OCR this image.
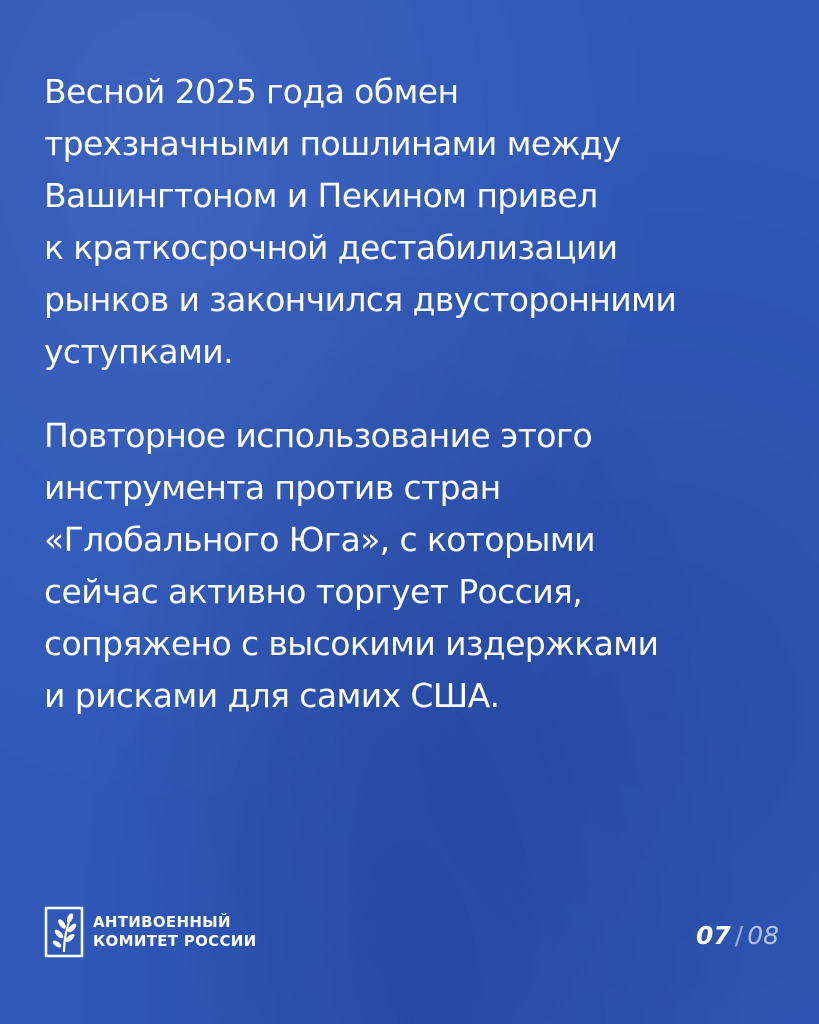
Весной 2025 года обмен
трехзначными пошлинами между
Вашингтоном и Пекином привел
к краткосрочной дестабилизации
рынков и закончился двусторонними
уступками.

Повторное использование этого
инструмента против стран
«Глобального Юга», с которыми
сейчас активно торгует Россия,
сопряжено с высокими издержками
и рисками для самих США.

АНТИВОЕННЫЙ
КОМИТЕТ РОССИИ	07 / 08
